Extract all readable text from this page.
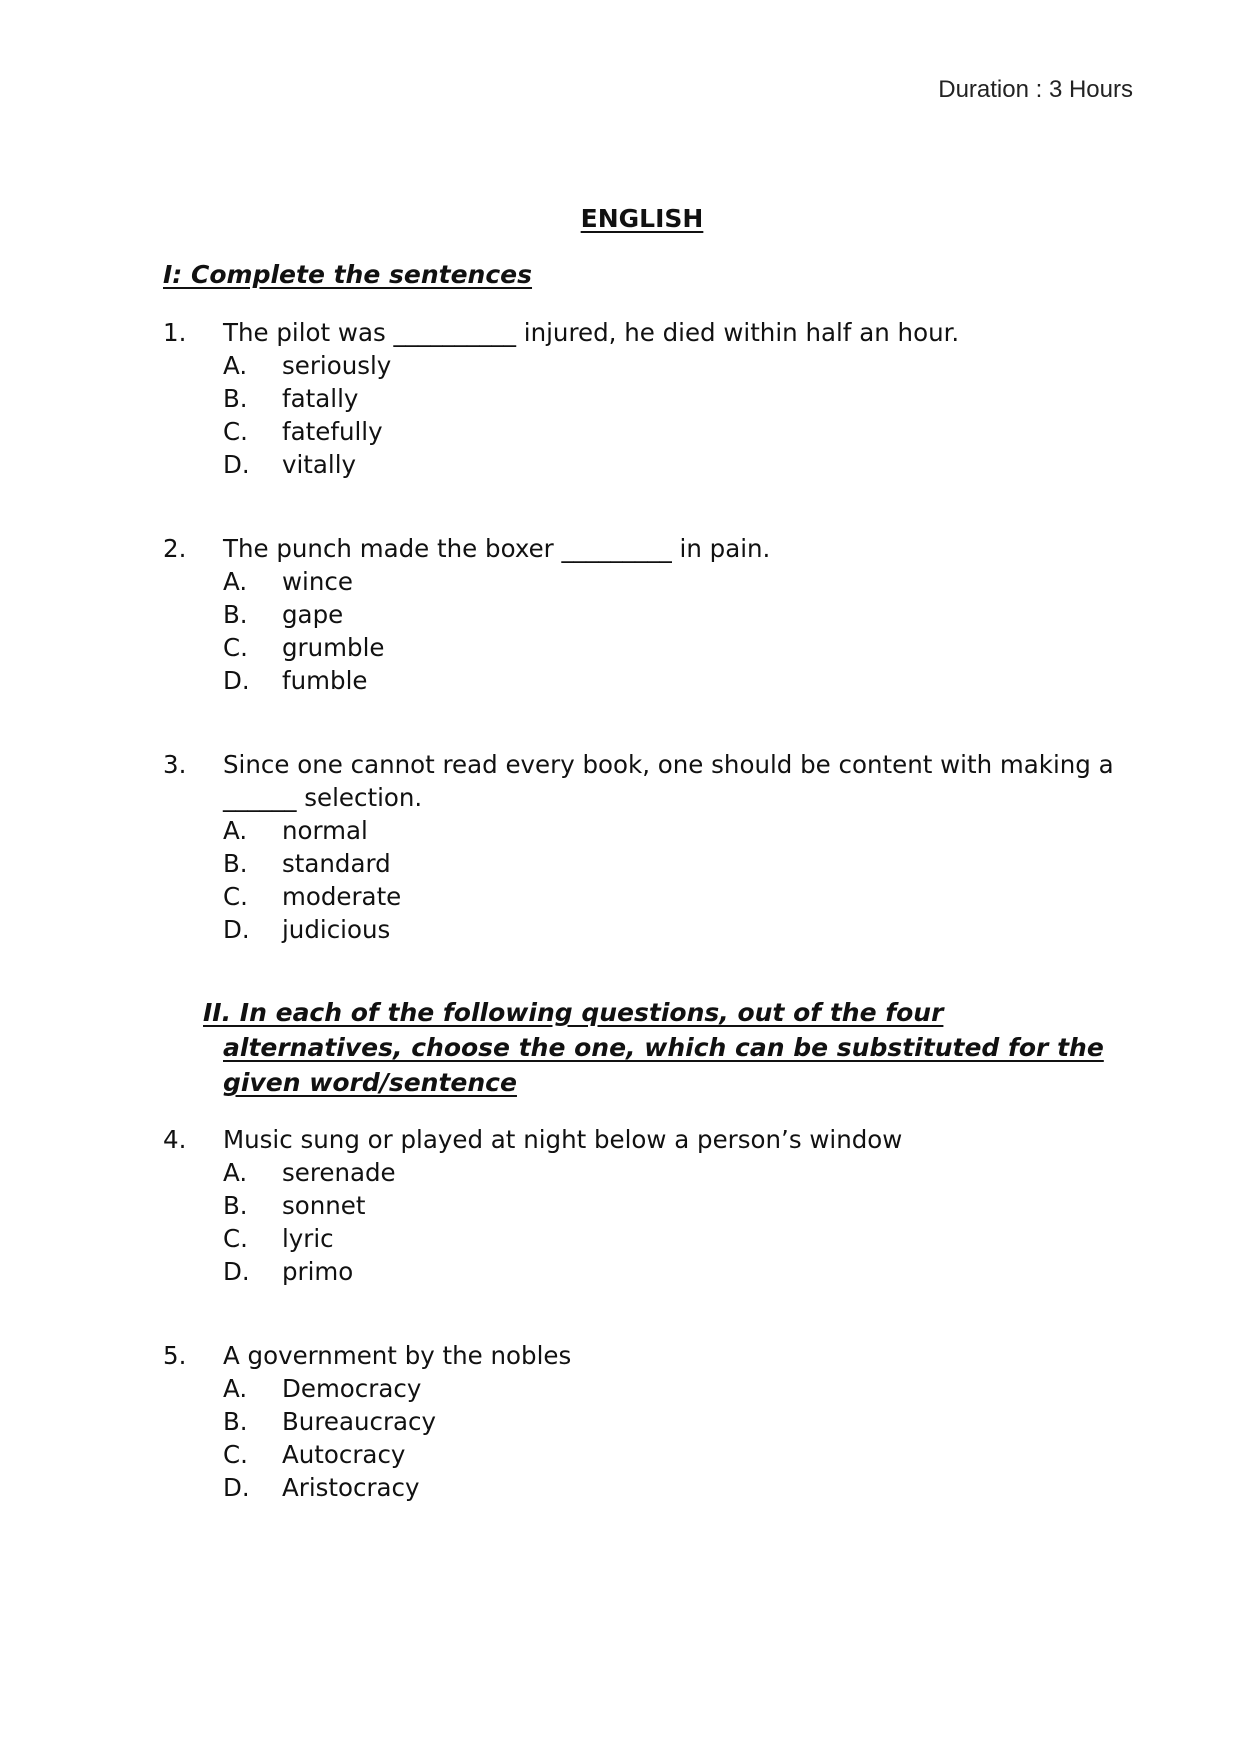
Duration : 3 Hours
ENGLISH
I: Complete the sentences
1.	The pilot was __________ injured, he died within half an hour.
A.	seriously
B.	fatally
C.	fatefully
D.	vitally
2.	The punch made the boxer _________ in pain.
A.	wince
B.	gape
C.	grumble
D.	fumble
3.	Since one cannot read every book, one should be content with making a ______ selection.
A.	normal
B.	standard
C.	moderate
D.	judicious
II. In each of the following questions, out of the four
alternatives, choose the one, which can be substituted for the
given word/sentence
4.	Music sung or played at night below a person’s window
A.	serenade
B.	sonnet
C.	lyric
D.	primo
5.	A government by the nobles
A.	Democracy
B.	Bureaucracy
C.	Autocracy
D.	Aristocracy
